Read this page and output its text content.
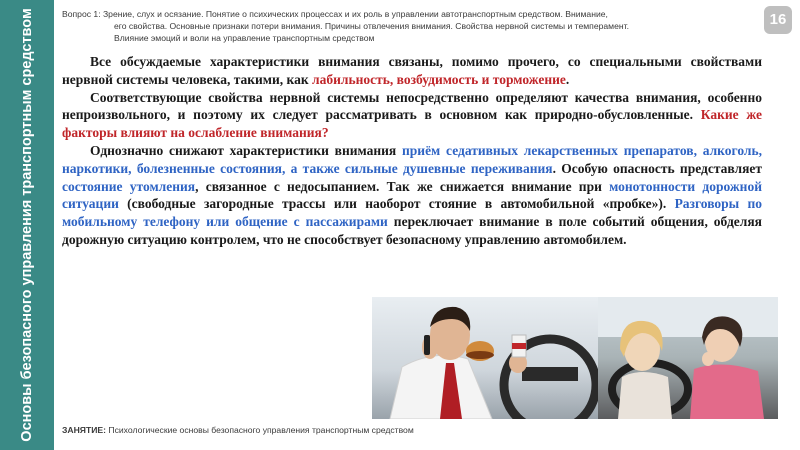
Основы безопасного управления транспортным средством	Вопрос 1: Зрение, слух и осязание. Понятие о психических процессах и их роль в управлении автотранспортным средством. Внимание,
его свойства. Основные признаки потери внимания. Причины отвлечения внимания. Свойства нервной системы и темперамент.
Влияние эмоций и воли на управление транспортным средством
16

Все обсуждаемые характеристики внимания связаны, помимо прочего, со специальными свойствами нервной системы человека, такими, как лабильность, возбудимость и торможение.

Соответствующие свойства нервной системы непосредственно определяют качества внимания, особенно непроизвольного, и поэтому их следует рассматривать в основном как природно-обусловленные. Какие же факторы влияют на ослабление внимания?

Однозначно снижают характеристики внимания приём седативных лекарственных препаратов, алкоголь, наркотики, болезненные состояния, а также сильные душевные переживания. Особую опасность представляет состояние утомления, связанное с недосыпанием. Так же снижается внимание при монотонности дорожной ситуации (свободные загородные трассы или наоборот стояние в автомобильной «пробке»). Разговоры по мобильному телефону или общение с пассажирами переключает внимание в поле событий общения, обделяя дорожную ситуацию контролем, что не способствует безопасному управлению автомобилем.

ЗАНЯТИЕ: Психологические основы безопасного управления транспортным средством
